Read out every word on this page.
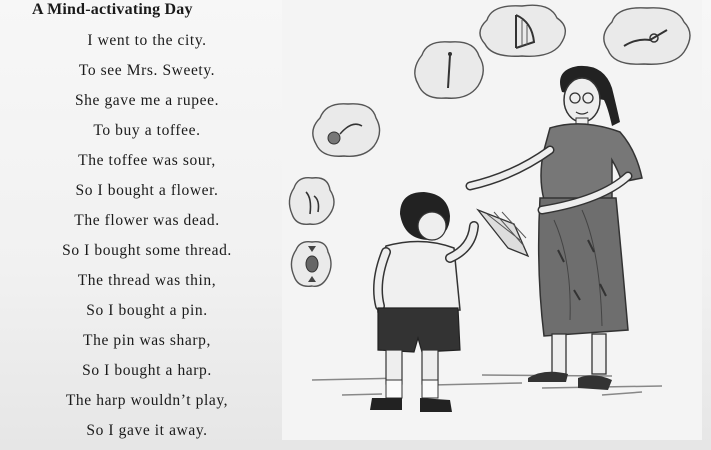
A Mind-activating Day
I went to the city.
To see Mrs. Sweety.
She gave me a rupee.
To buy a toffee.
The toffee was sour,
So I bought a flower.
The flower was dead.
So I bought some thread.
The thread was thin,
So I bought a pin.
The pin was sharp,
So I bought a harp.
The harp wouldn’t play,
So I gave it away.
